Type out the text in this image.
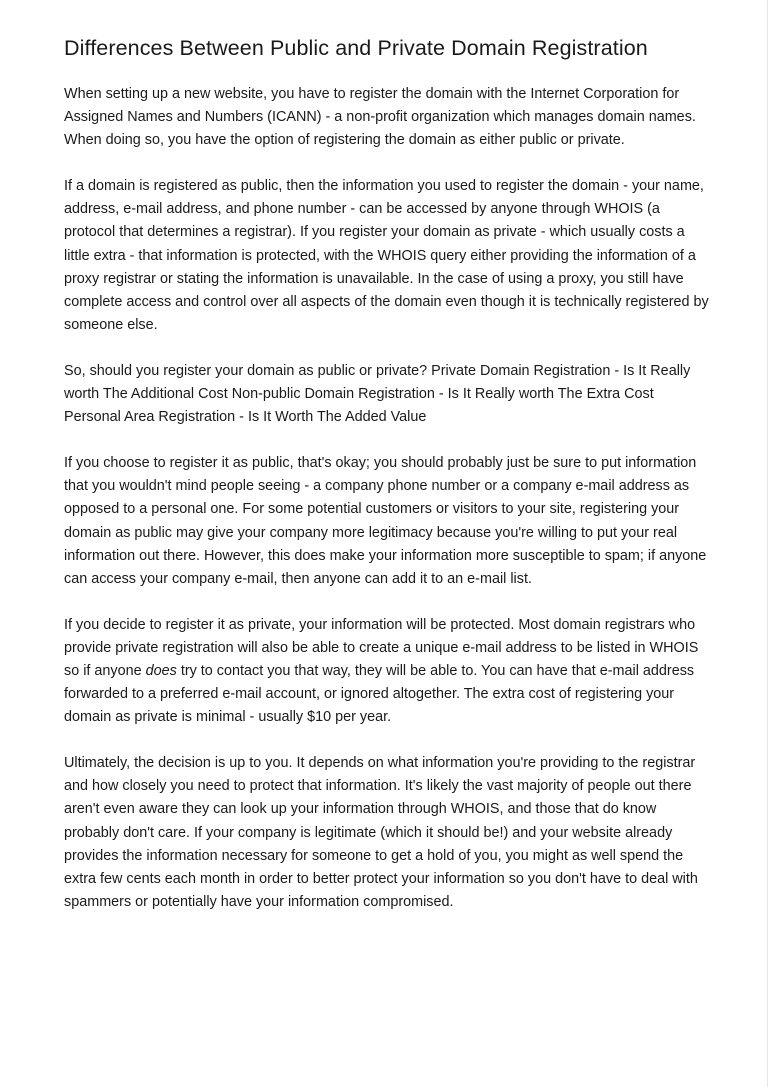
Differences Between Public and Private Domain Registration

When setting up a new website, you have to register the domain with the Internet Corporation for Assigned Names and Numbers (ICANN) - a non-profit organization which manages domain names. When doing so, you have the option of registering the domain as either public or private.

If a domain is registered as public, then the information you used to register the domain - your name, address, e-mail address, and phone number - can be accessed by anyone through WHOIS (a protocol that determines a registrar). If you register your domain as private - which usually costs a little extra - that information is protected, with the WHOIS query either providing the information of a proxy registrar or stating the information is unavailable. In the case of using a proxy, you still have complete access and control over all aspects of the domain even though it is technically registered by someone else.

So, should you register your domain as public or private? Private Domain Registration - Is It Really worth The Additional Cost Non-public Domain Registration - Is It Really worth The Extra Cost Personal Area Registration - Is It Worth The Added Value

If you choose to register it as public, that's okay; you should probably just be sure to put information that you wouldn't mind people seeing - a company phone number or a company e-mail address as opposed to a personal one. For some potential customers or visitors to your site, registering your domain as public may give your company more legitimacy because you're willing to put your real information out there. However, this does make your information more susceptible to spam; if anyone can access your company e-mail, then anyone can add it to an e-mail list.

If you decide to register it as private, your information will be protected. Most domain registrars who provide private registration will also be able to create a unique e-mail address to be listed in WHOIS so if anyone does try to contact you that way, they will be able to. You can have that e-mail address forwarded to a preferred e-mail account, or ignored altogether. The extra cost of registering your domain as private is minimal - usually $10 per year.

Ultimately, the decision is up to you. It depends on what information you're providing to the registrar and how closely you need to protect that information. It's likely the vast majority of people out there aren't even aware they can look up your information through WHOIS, and those that do know probably don't care. If your company is legitimate (which it should be!) and your website already provides the information necessary for someone to get a hold of you, you might as well spend the extra few cents each month in order to better protect your information so you don't have to deal with spammers or potentially have your information compromised.
